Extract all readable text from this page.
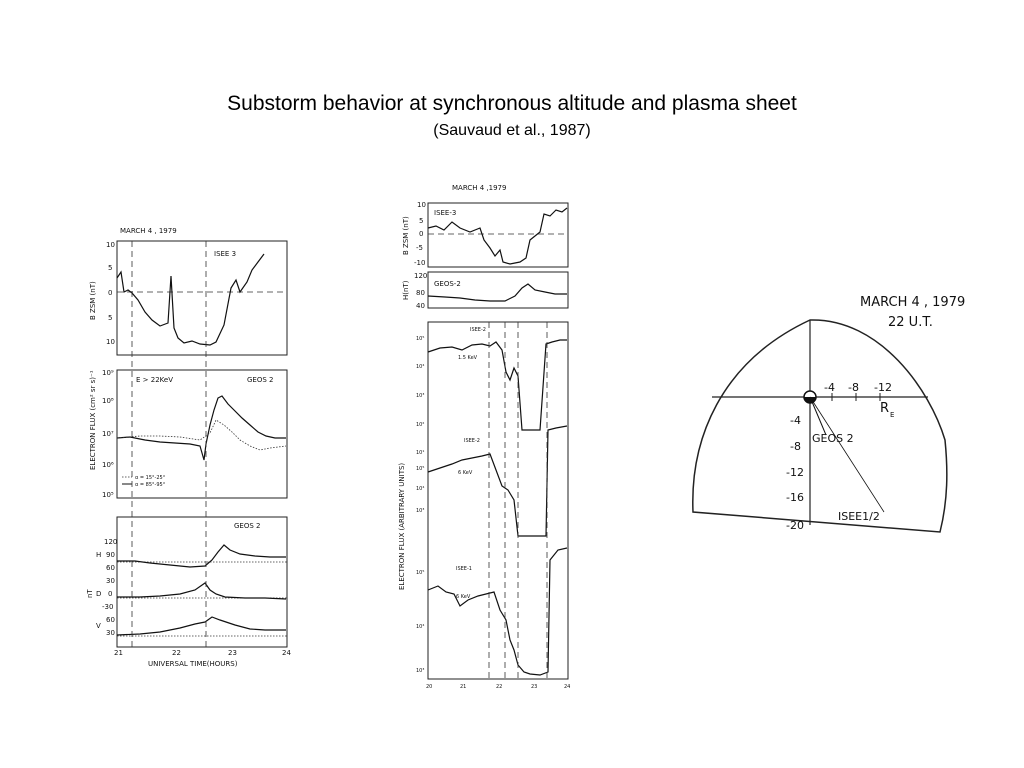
Substorm behavior at synchronous altitude and plasma sheet
(Sauvaud et al., 1987)
MARCH 4 , 1979
ISEE 3
B ZSM (nT)
10
5
0
5
10
E > 22KeV	GEOS 2
ELECTRON FLUX (cm² sr s)⁻¹ 10⁹
10⁸
10⁷
10⁶
10⁵
α = 15°-25°
α = 85°-95°
GEOS 2
nT
120
90
60
30
0
-30
60
30
H
D
V
21	22	23	24
UNIVERSAL TIME(HOURS)
MARCH 4 ,1979
ISEE-3
B ZSM (nT)
10
5
0
-5
-10
GEOS-2
H(nT)
120
80
40
ELECTRON FLUX (ARBITRARY UNITS)
ISEE-2
1.5 KeV
ISEE-2
6 KeV
ISEE-1
6 KeV
10⁵
10⁴
10³
10²
10¹
10⁵
10⁴
10³
10⁵
10⁴
10³
20	21	22	23	24
MARCH 4 , 1979
22 U.T.
-4 -8 -12
-4
-8
-12
-16
-20
R E
GEOS 2
ISEE1/2
